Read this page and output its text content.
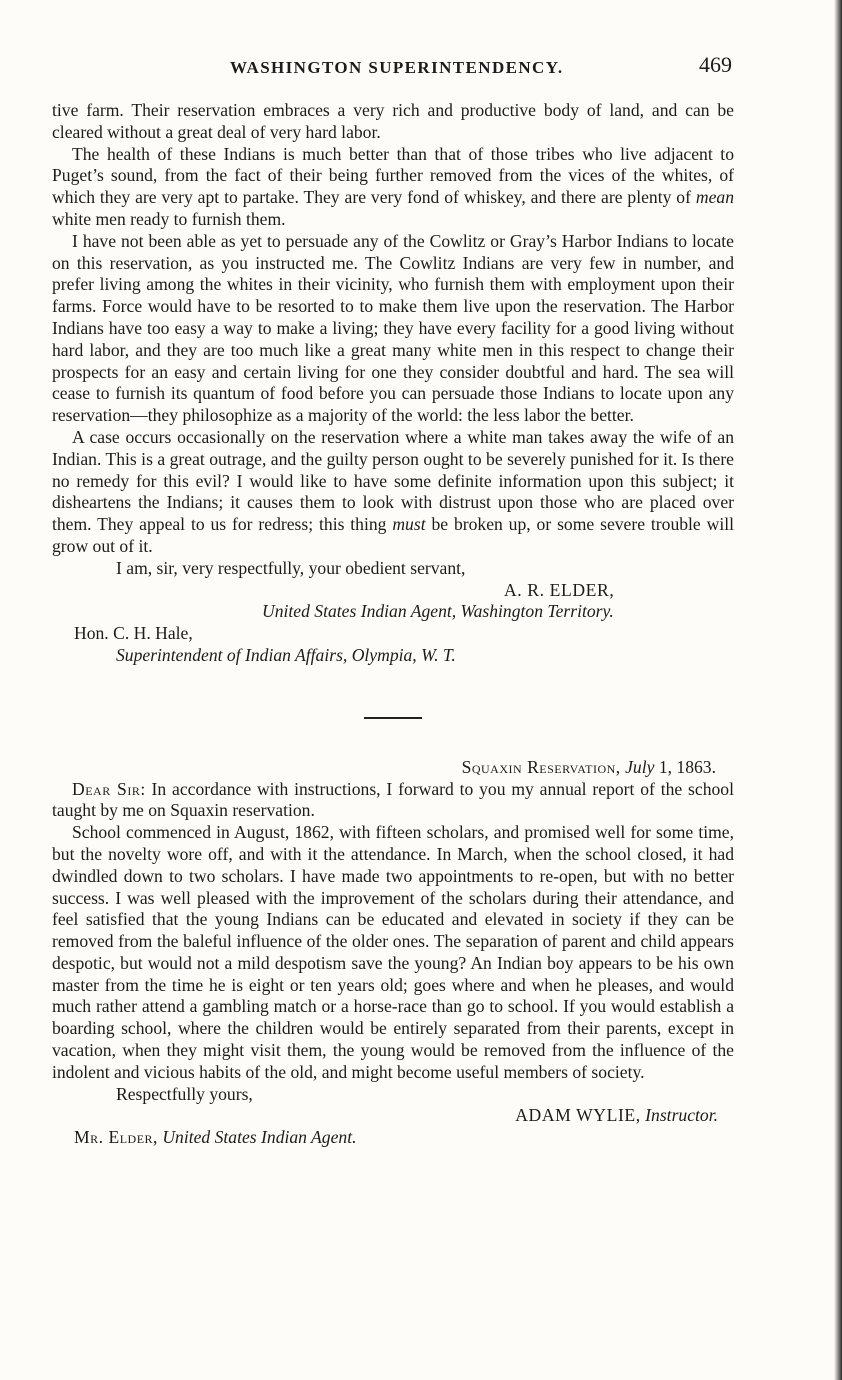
WASHINGTON SUPERINTENDENCY.	469

tive farm. Their reservation embraces a very rich and productive body of land, and can be cleared without a great deal of very hard labor.

The health of these Indians is much better than that of those tribes who live adjacent to Puget’s sound, from the fact of their being further removed from the vices of the whites, of which they are very apt to partake. They are very fond of whiskey, and there are plenty of mean white men ready to furnish them.

I have not been able as yet to persuade any of the Cowlitz or Gray’s Harbor Indians to locate on this reservation, as you instructed me. The Cowlitz Indians are very few in number, and prefer living among the whites in their vicinity, who furnish them with employment upon their farms. Force would have to be resorted to to make them live upon the reservation. The Harbor Indians have too easy a way to make a living; they have every facility for a good living without hard labor, and they are too much like a great many white men in this respect to change their prospects for an easy and certain living for one they consider doubtful and hard. The sea will cease to furnish its quantum of food before you can persuade those Indians to locate upon any reservation—they philosophize as a majority of the world: the less labor the better.

A case occurs occasionally on the reservation where a white man takes away the wife of an Indian. This is a great outrage, and the guilty person ought to be severely punished for it. Is there no remedy for this evil? I would like to have some definite information upon this subject; it disheartens the Indians; it causes them to look with distrust upon those who are placed over them. They appeal to us for redress; this thing must be broken up, or some severe trouble will grow out of it.

I am, sir, very respectfully, your obedient servant,

A. R. ELDER,

United States Indian Agent, Washington Territory.

Hon. C. H. Hale,

Superintendent of Indian Affairs, Olympia, W. T.

Squaxin Reservation, July 1, 1863.

Dear Sir: In accordance with instructions, I forward to you my annual report of the school taught by me on Squaxin reservation.

School commenced in August, 1862, with fifteen scholars, and promised well for some time, but the novelty wore off, and with it the attendance. In March, when the school closed, it had dwindled down to two scholars. I have made two appointments to re-open, but with no better success. I was well pleased with the improvement of the scholars during their attendance, and feel satisfied that the young Indians can be educated and elevated in society if they can be removed from the baleful influence of the older ones. The separation of parent and child appears despotic, but would not a mild despotism save the young? An Indian boy appears to be his own master from the time he is eight or ten years old; goes where and when he pleases, and would much rather attend a gambling match or a horse-race than go to school. If you would establish a boarding school, where the children would be entirely separated from their parents, except in vacation, when they might visit them, the young would be removed from the influence of the indolent and vicious habits of the old, and might become useful members of society.

Respectfully yours,

ADAM WYLIE,
Instructor.

Mr. Elder, United States Indian Agent.
